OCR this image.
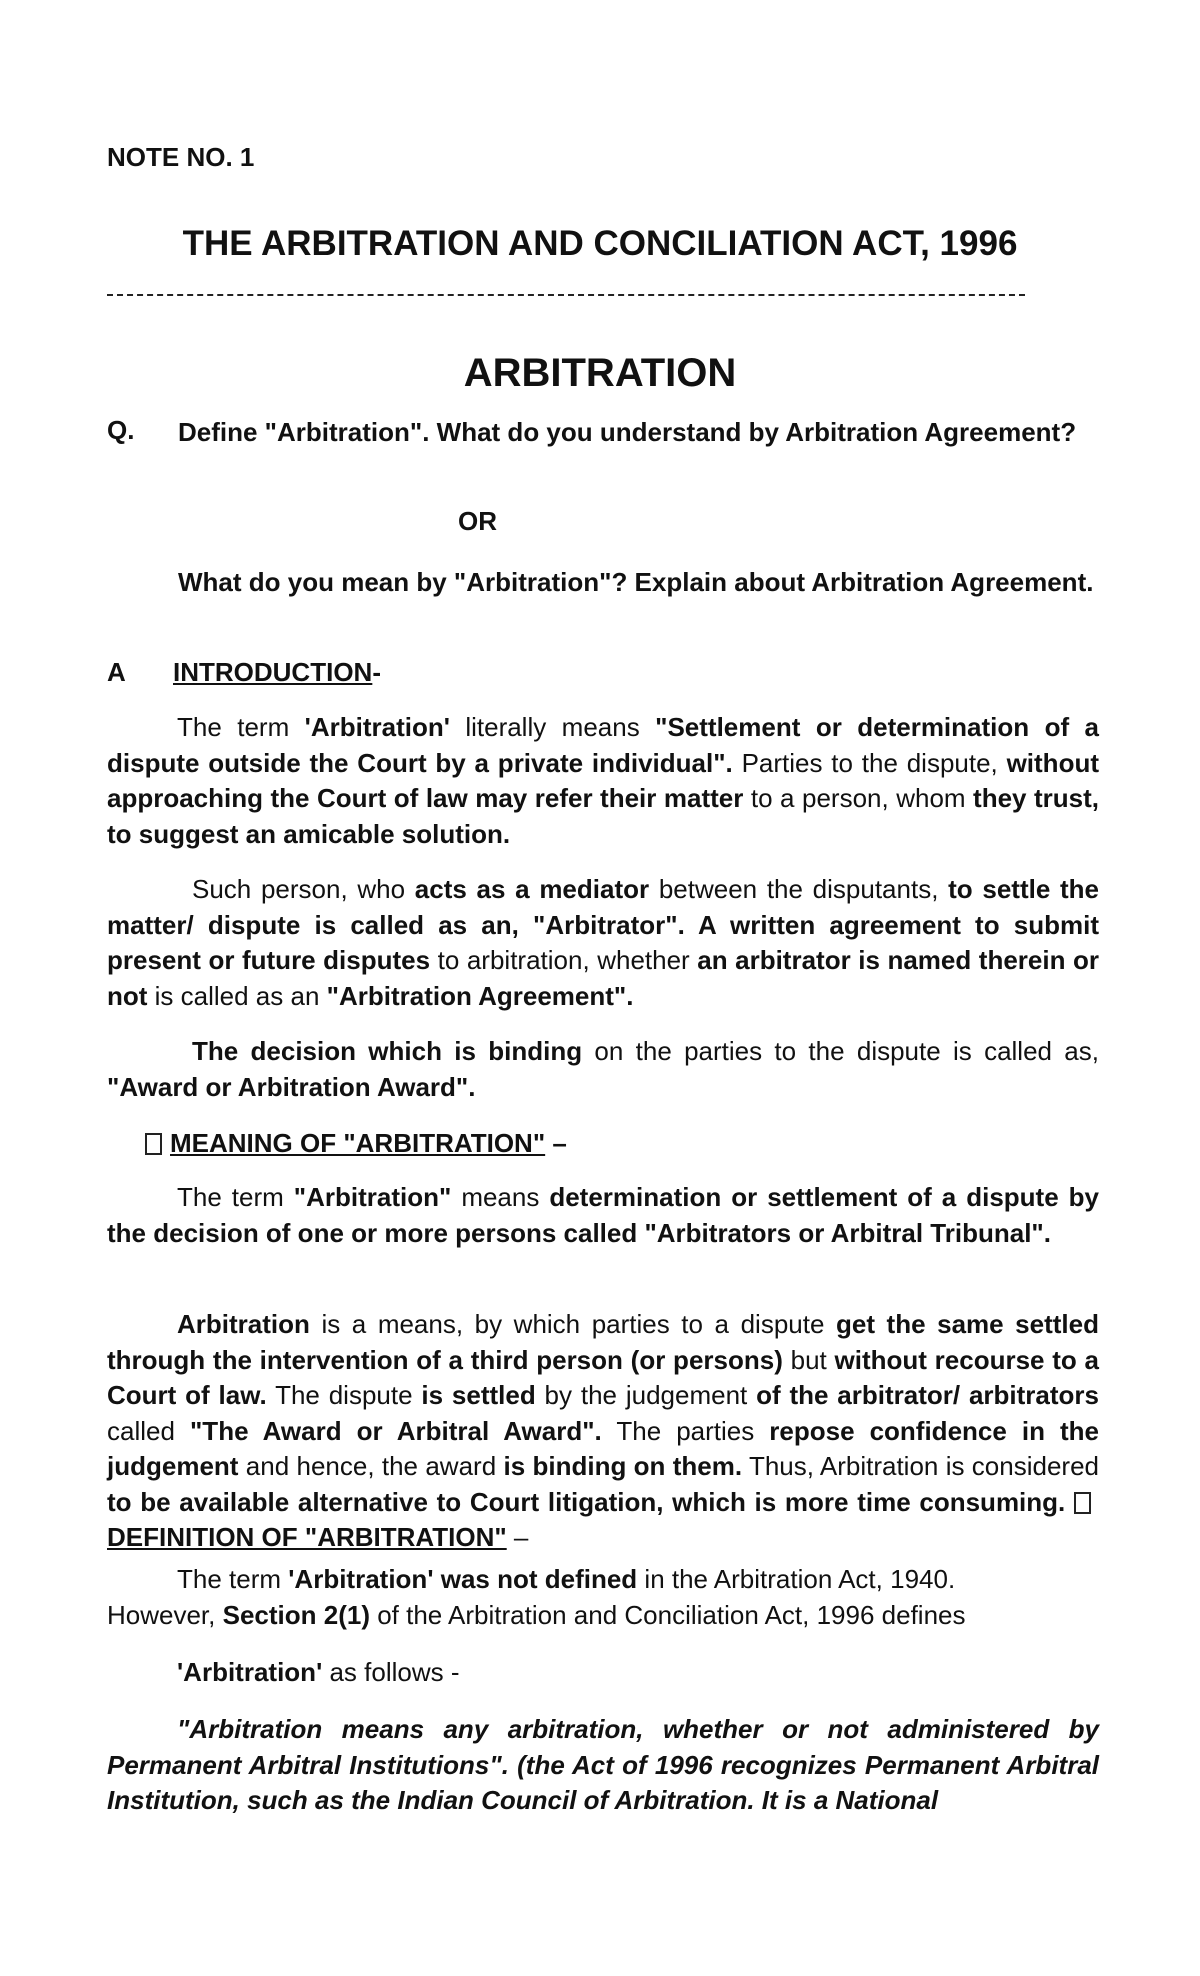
NOTE NO. 1
THE ARBITRATION AND CONCILIATION ACT, 1996
ARBITRATION
Q. Define "Arbitration". What do you understand by Arbitration Agreement?
OR
What do you mean by "Arbitration"? Explain about Arbitration Agreement.
A INTRODUCTION-
The term 'Arbitration' literally means "Settlement or determination of a dispute outside the Court by a private individual". Parties to the dispute, without approaching the Court of law may refer their matter to a person, whom they trust, to suggest an amicable solution.
Such person, who acts as a mediator between the disputants, to settle the matter/ dispute is called as an, "Arbitrator". A written agreement to submit present or future disputes to arbitration, whether an arbitrator is named therein or not is called as an "Arbitration Agreement".
The decision which is binding on the parties to the dispute is called as, "Award or Arbitration Award".
MEANING OF "ARBITRATION" –
The term "Arbitration" means determination or settlement of a dispute by the decision of one or more persons called "Arbitrators or Arbitral Tribunal".
Arbitration is a means, by which parties to a dispute get the same settled through the intervention of a third person (or persons) but without recourse to a Court of law. The dispute is settled by the judgement of the arbitrator/ arbitrators called "The Award or Arbitral Award". The parties repose confidence in the judgement and hence, the award is binding on them. Thus, Arbitration is considered to be available alternative to Court litigation, which is more time consuming. DEFINITION OF "ARBITRATION" –
The term 'Arbitration' was not defined in the Arbitration Act, 1940.
However, Section 2(1) of the Arbitration and Conciliation Act, 1996 defines
'Arbitration' as follows -
"Arbitration means any arbitration, whether or not administered by Permanent Arbitral Institutions". (the Act of 1996 recognizes Permanent Arbitral Institution, such as the Indian Council of Arbitration. It is a National
